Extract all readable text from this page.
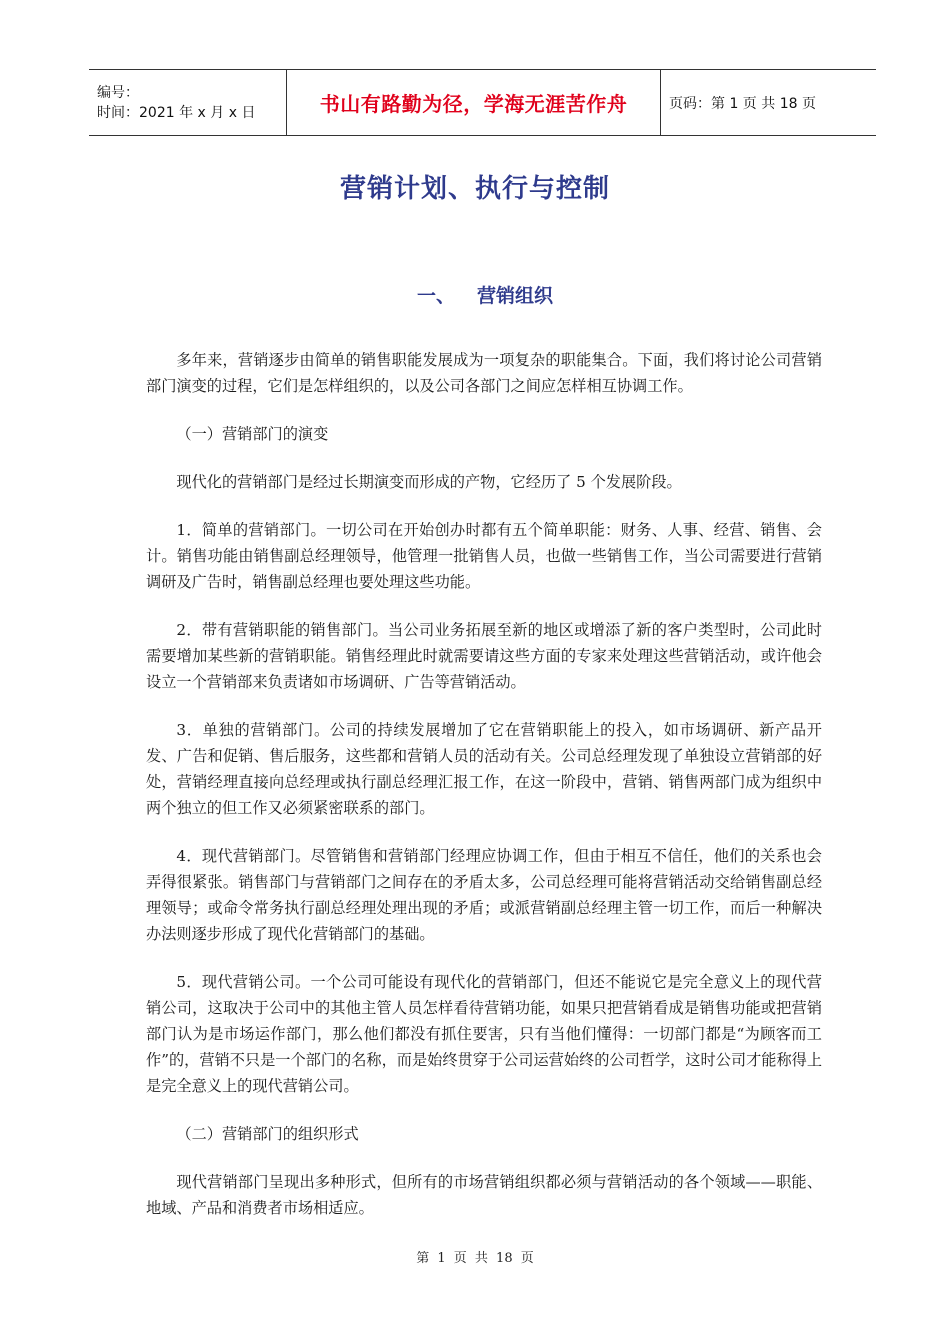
编号：
时间：2021 年 x 月 x 日	书山有路勤为径，学海无涯苦作舟	页码：第 1 页 共 18 页
营销计划、执行与控制
一、 营销组织

多年来，营销逐步由简单的销售职能发展成为一项复杂的职能集合。下面，我们将讨论公司营销部门演变的过程，它们是怎样组织的，以及公司各部门之间应怎样相互协调工作。

（一）营销部门的演变

现代化的营销部门是经过长期演变而形成的产物，它经历了 5 个发展阶段。

1．简单的营销部门。一切公司在开始创办时都有五个简单职能：财务、人事、经营、销售、会计。销售功能由销售副总经理领导，他管理一批销售人员，也做一些销售工作，当公司需要进行营销调研及广告时，销售副总经理也要处理这些功能。

2．带有营销职能的销售部门。当公司业务拓展至新的地区或增添了新的客户类型时，公司此时需要增加某些新的营销职能。销售经理此时就需要请这些方面的专家来处理这些营销活动，或许他会设立一个营销部来负责诸如市场调研、广告等营销活动。

3．单独的营销部门。公司的持续发展增加了它在营销职能上的投入，如市场调研、新产品开发、广告和促销、售后服务，这些都和营销人员的活动有关。公司总经理发现了单独设立营销部的好处，营销经理直接向总经理或执行副总经理汇报工作，在这一阶段中，营销、销售两部门成为组织中两个独立的但工作又必须紧密联系的部门。

4．现代营销部门。尽管销售和营销部门经理应协调工作，但由于相互不信任，他们的关系也会弄得很紧张。销售部门与营销部门之间存在的矛盾太多，公司总经理可能将营销活动交给销售副总经理领导；或命令常务执行副总经理处理出现的矛盾；或派营销副总经理主管一切工作，而后一种解决办法则逐步形成了现代化营销部门的基础。

5．现代营销公司。一个公司可能设有现代化的营销部门，但还不能说它是完全意义上的现代营销公司，这取决于公司中的其他主管人员怎样看待营销功能，如果只把营销看成是销售功能或把营销部门认为是市场运作部门，那么他们都没有抓住要害，只有当他们懂得：一切部门都是“为顾客而工作”的，营销不只是一个部门的名称，而是始终贯穿于公司运营始终的公司哲学，这时公司才能称得上是完全意义上的现代营销公司。

（二）营销部门的组织形式

现代营销部门呈现出多种形式，但所有的市场营销组织都必须与营销活动的各个领域——职能、地域、产品和消费者市场相适应。

第 1 页 共 18 页
